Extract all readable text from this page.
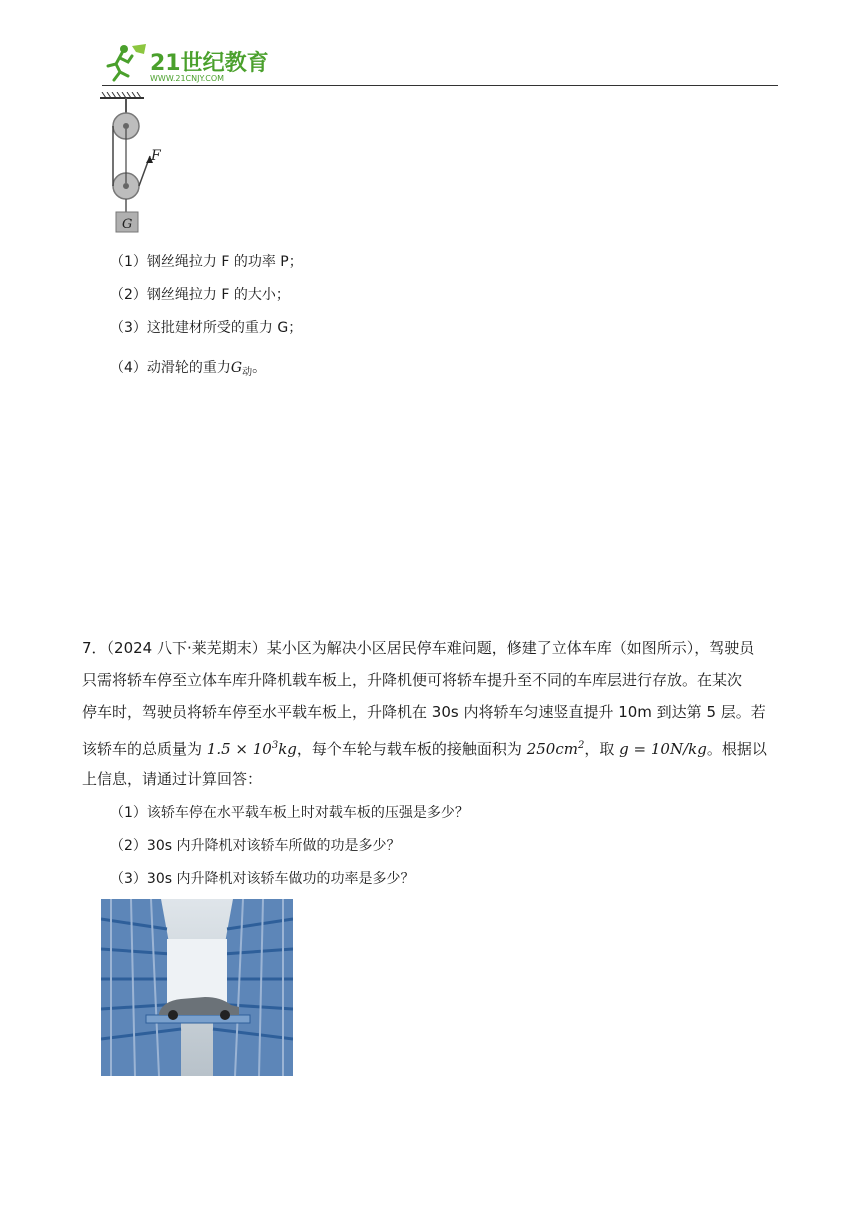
21世纪教育
WWW.21CNJY.COM
F
G
（1）钢丝绳拉力 F 的功率 P；
（2）钢丝绳拉力 F 的大小；
（3）这批建材所受的重力 G；
（4）动滑轮的重力$G_动$。
7．（2024 八下·莱芜期末）某小区为解决小区居民停车难问题，修建了立体车库（如图所示），驾驶员
只需将轿车停至立体车库升降机载车板上，升降机便可将轿车提升至不同的车库层进行存放。在某次
停车时，驾驶员将轿车停至水平载车板上，升降机在 30s 内将轿车匀速竖直提升 10m 到达第 5 层。若
该轿车的总质量为 $1.5 \times 10^3kg$，每个车轮与载车板的接触面积为 $250cm^2$，取 g = 10N/kg。根据以
上信息，请通过计算回答：
（1）该轿车停在水平载车板上时对载车板的压强是多少？
（2）30s 内升降机对该轿车所做的功是多少？
（3）30s 内升降机对该轿车做功的功率是多少？
